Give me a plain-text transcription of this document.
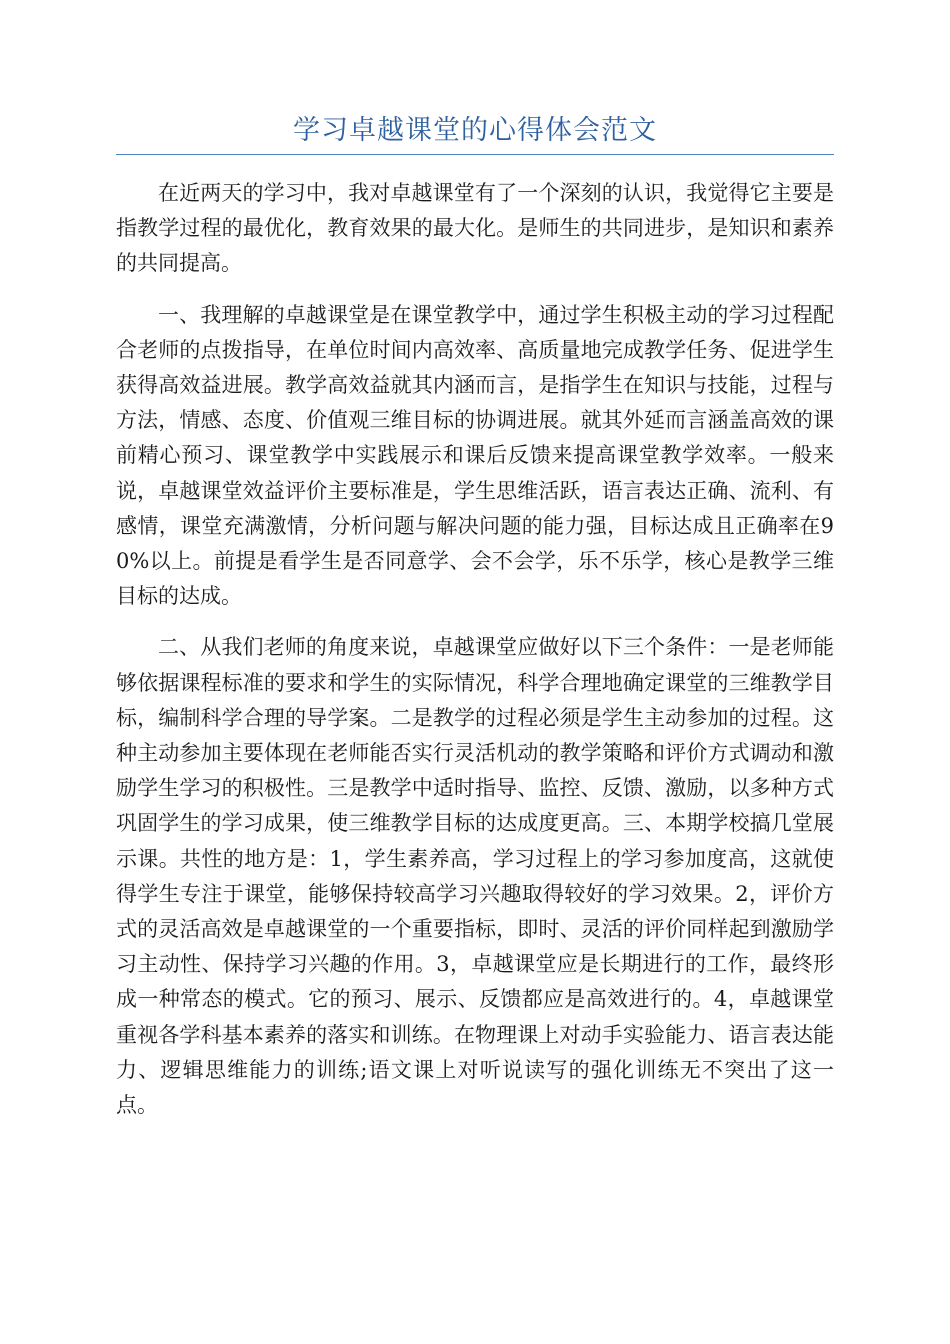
学习卓越课堂的心得体会范文

在近两天的学习中，我对卓越课堂有了一个深刻的认识，我觉得它主要是指教学过程的最优化，教育效果的最大化。是师生的共同进步，是知识和素养的共同提高。

一、我理解的卓越课堂是在课堂教学中，通过学生积极主动的学习过程配合老师的点拨指导，在单位时间内高效率、高质量地完成教学任务、促进学生获得高效益进展。教学高效益就其内涵而言，是指学生在知识与技能，过程与方法，情感、态度、价值观三维目标的协调进展。就其外延而言涵盖高效的课前精心预习、课堂教学中实践展示和课后反馈来提高课堂教学效率。一般来说，卓越课堂效益评价主要标准是，学生思维活跃，语言表达正确、流利、有感情，课堂充满激情，分析问题与解决问题的能力强，目标达成且正确率在90%以上。前提是看学生是否同意学、会不会学，乐不乐学，核心是教学三维目标的达成。

二、从我们老师的角度来说，卓越课堂应做好以下三个条件：一是老师能够依据课程标准的要求和学生的实际情况，科学合理地确定课堂的三维教学目标，编制科学合理的导学案。二是教学的过程必须是学生主动参加的过程。这种主动参加主要体现在老师能否实行灵活机动的教学策略和评价方式调动和激励学生学习的积极性。三是教学中适时指导、监控、反馈、激励，以多种方式巩固学生的学习成果，使三维教学目标的达成度更高。三、本期学校搞几堂展示课。共性的地方是：1，学生素养高，学习过程上的学习参加度高，这就使得学生专注于课堂，能够保持较高学习兴趣取得较好的学习效果。2，评价方式的灵活高效是卓越课堂的一个重要指标，即时、灵活的评价同样起到激励学习主动性、保持学习兴趣的作用。3，卓越课堂应是长期进行的工作，最终形成一种常态的模式。它的预习、展示、反馈都应是高效进行的。4，卓越课堂重视各学科基本素养的落实和训练。在物理课上对动手实验能力、语言表达能力、逻辑思维能力的训练;语文课上对听说读写的强化训练无不突出了这一点。
